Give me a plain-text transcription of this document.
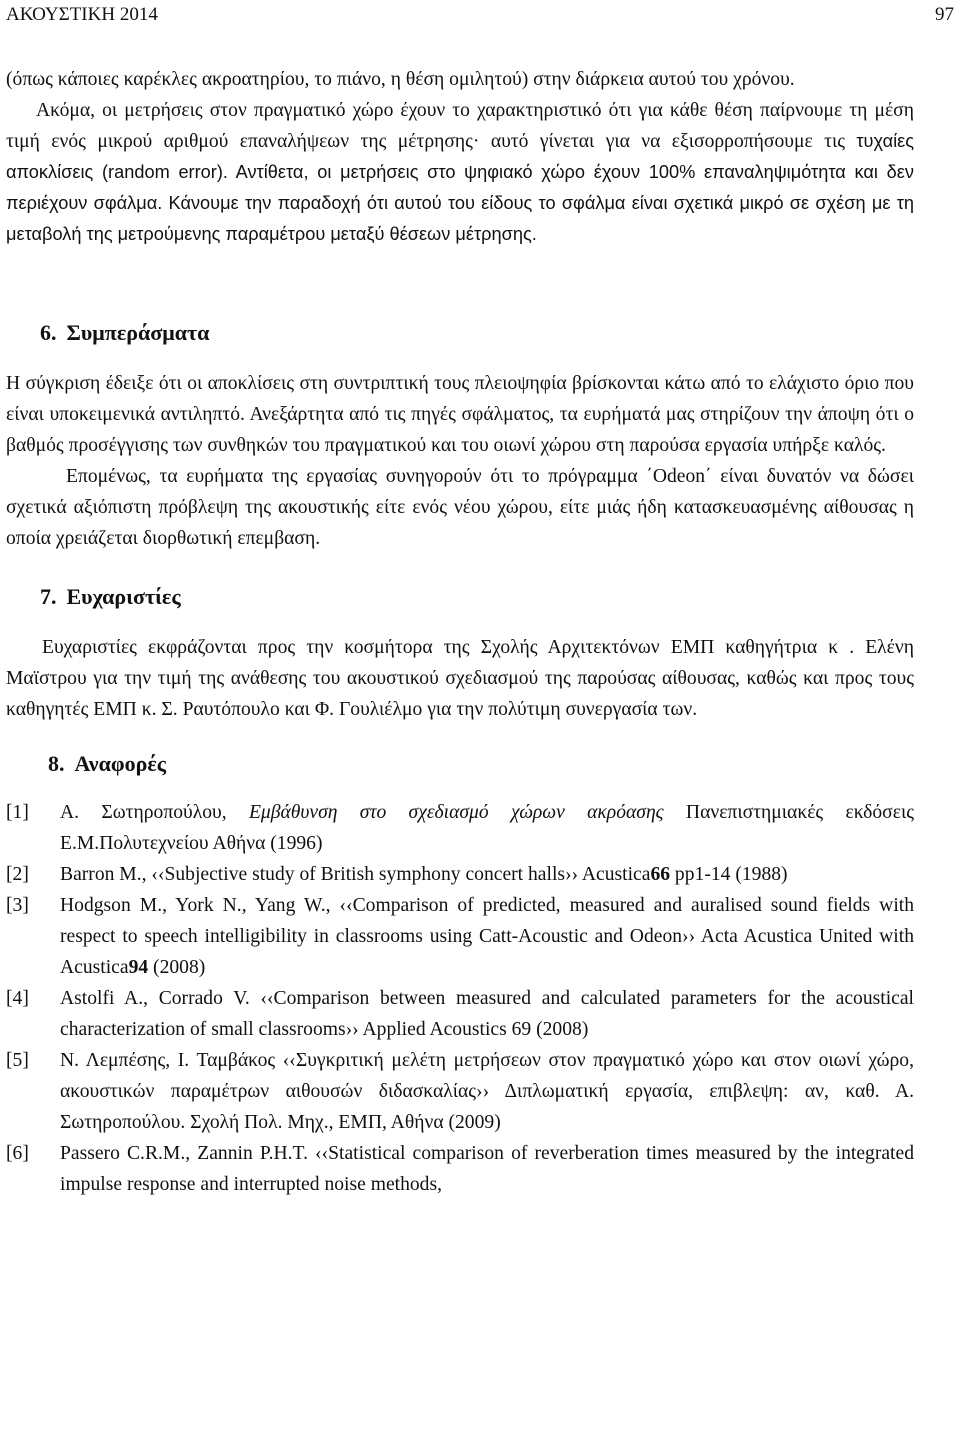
ΑΚΟΥΣΤΙΚΗ 2014	97

(όπως κάποιες καρέκλες ακροατηρίου, το πιάνο, η θέση ομιλητού) στην διάρκεια αυτού του χρόνου.

Ακόμα, οι μετρήσεις στον πραγματικό χώρο έχουν το χαρακτηριστικό ότι για κάθε θέση παίρνουμε τη μέση τιμή ενός μικρού αριθμού επαναλήψεων της μέτρησης· αυτό γίνεται για να εξισορροπήσουμε τις τυχαίες αποκλίσεις (random error). Αντίθετα, οι μετρήσεις στο ψηφιακό χώρο έχουν 100% επαναληψιμότητα και δεν περιέχουν σφάλμα. Κάνουμε την παραδοχή ότι αυτού του είδους το σφάλμα είναι σχετικά μικρό σε σχέση με τη μεταβολή της μετρούμενης παραμέτρου μεταξύ θέσεων μέτρησης.

6. Συμπεράσματα

Η σύγκριση έδειξε ότι οι αποκλίσεις στη συντριπτική τους πλειοψηφία βρίσκονται κάτω από το ελάχιστο όριο που είναι υποκειμενικά αντιληπτό. Ανεξάρτητα από τις πηγές σφάλματος, τα ευρήματά μας στηρίζουν την άποψη ότι ο βαθμός προσέγγισης των συνθηκών του πραγματικού και του οιωνί χώρου στη παρούσα εργασία υπήρξε καλός.

Επομένως, τα ευρήματα της εργασίας συνηγορούν ότι το πρόγραμμα ΄Odeon΄ είναι δυνατόν να δώσει σχετικά αξιόπιστη πρόβλεψη της ακουστικής είτε ενός νέου χώρου, είτε μιάς ήδη κατασκευασμένης αίθουσας η οποία χρειάζεται διορθωτική επεμβαση.

7. Ευχαριστίες

Ευχαριστίες εκφράζονται προς την κοσμήτορα της Σχολής Αρχιτεκτόνων ΕΜΠ καθηγήτρια κ . Ελένη Μαϊστρου για την τιμή της ανάθεσης του ακουστικού σχεδιασμού της παρούσας αίθουσας, καθώς και προς τους καθηγητές ΕΜΠ κ. Σ. Ραυτόπουλο και Φ. Γουλιέλμο για την πολύτιμη συνεργασία των.

8. Αναφορές
[1]	Α. Σωτηροπούλου, Εμβάθυνση στο σχεδιασμό χώρων ακρόασης Πανεπιστημιακές εκδόσεις Ε.Μ.Πολυτεχνείου Αθήνα (1996)
[2]	Barron M., ‹‹Subjective study of British symphony concert halls›› Acustica66 pp1-14 (1988)
[3]	Hodgson M., York N., Yang W., ‹‹Comparison of predicted, measured and auralised sound fields with respect to speech intelligibility in classrooms using Catt-Acoustic and Odeon›› Acta Acustica United with Acustica94 (2008)
[4]	Astolfi A., Corrado V. ‹‹Comparison between measured and calculated parameters for the acoustical characterization of small classrooms›› Applied Acoustics 69 (2008)
[5]	Ν. Λεμπέσης, Ι. Ταμβάκος ‹‹Συγκριτική μελέτη μετρήσεων στον πραγματικό χώρο και στον οιωνί χώρο, ακουστικών παραμέτρων αιθουσών διδασκαλίας›› Διπλωματική εργασία, επιβλεψη: αν, καθ. Α. Σωτηροπούλου. Σχολή Πολ. Μηχ., ΕΜΠ, Αθήνα (2009)
[6]	Passero C.R.M., Zannin P.H.T. ‹‹Statistical comparison of reverberation times measured by the integrated impulse response and interrupted noise methods,
